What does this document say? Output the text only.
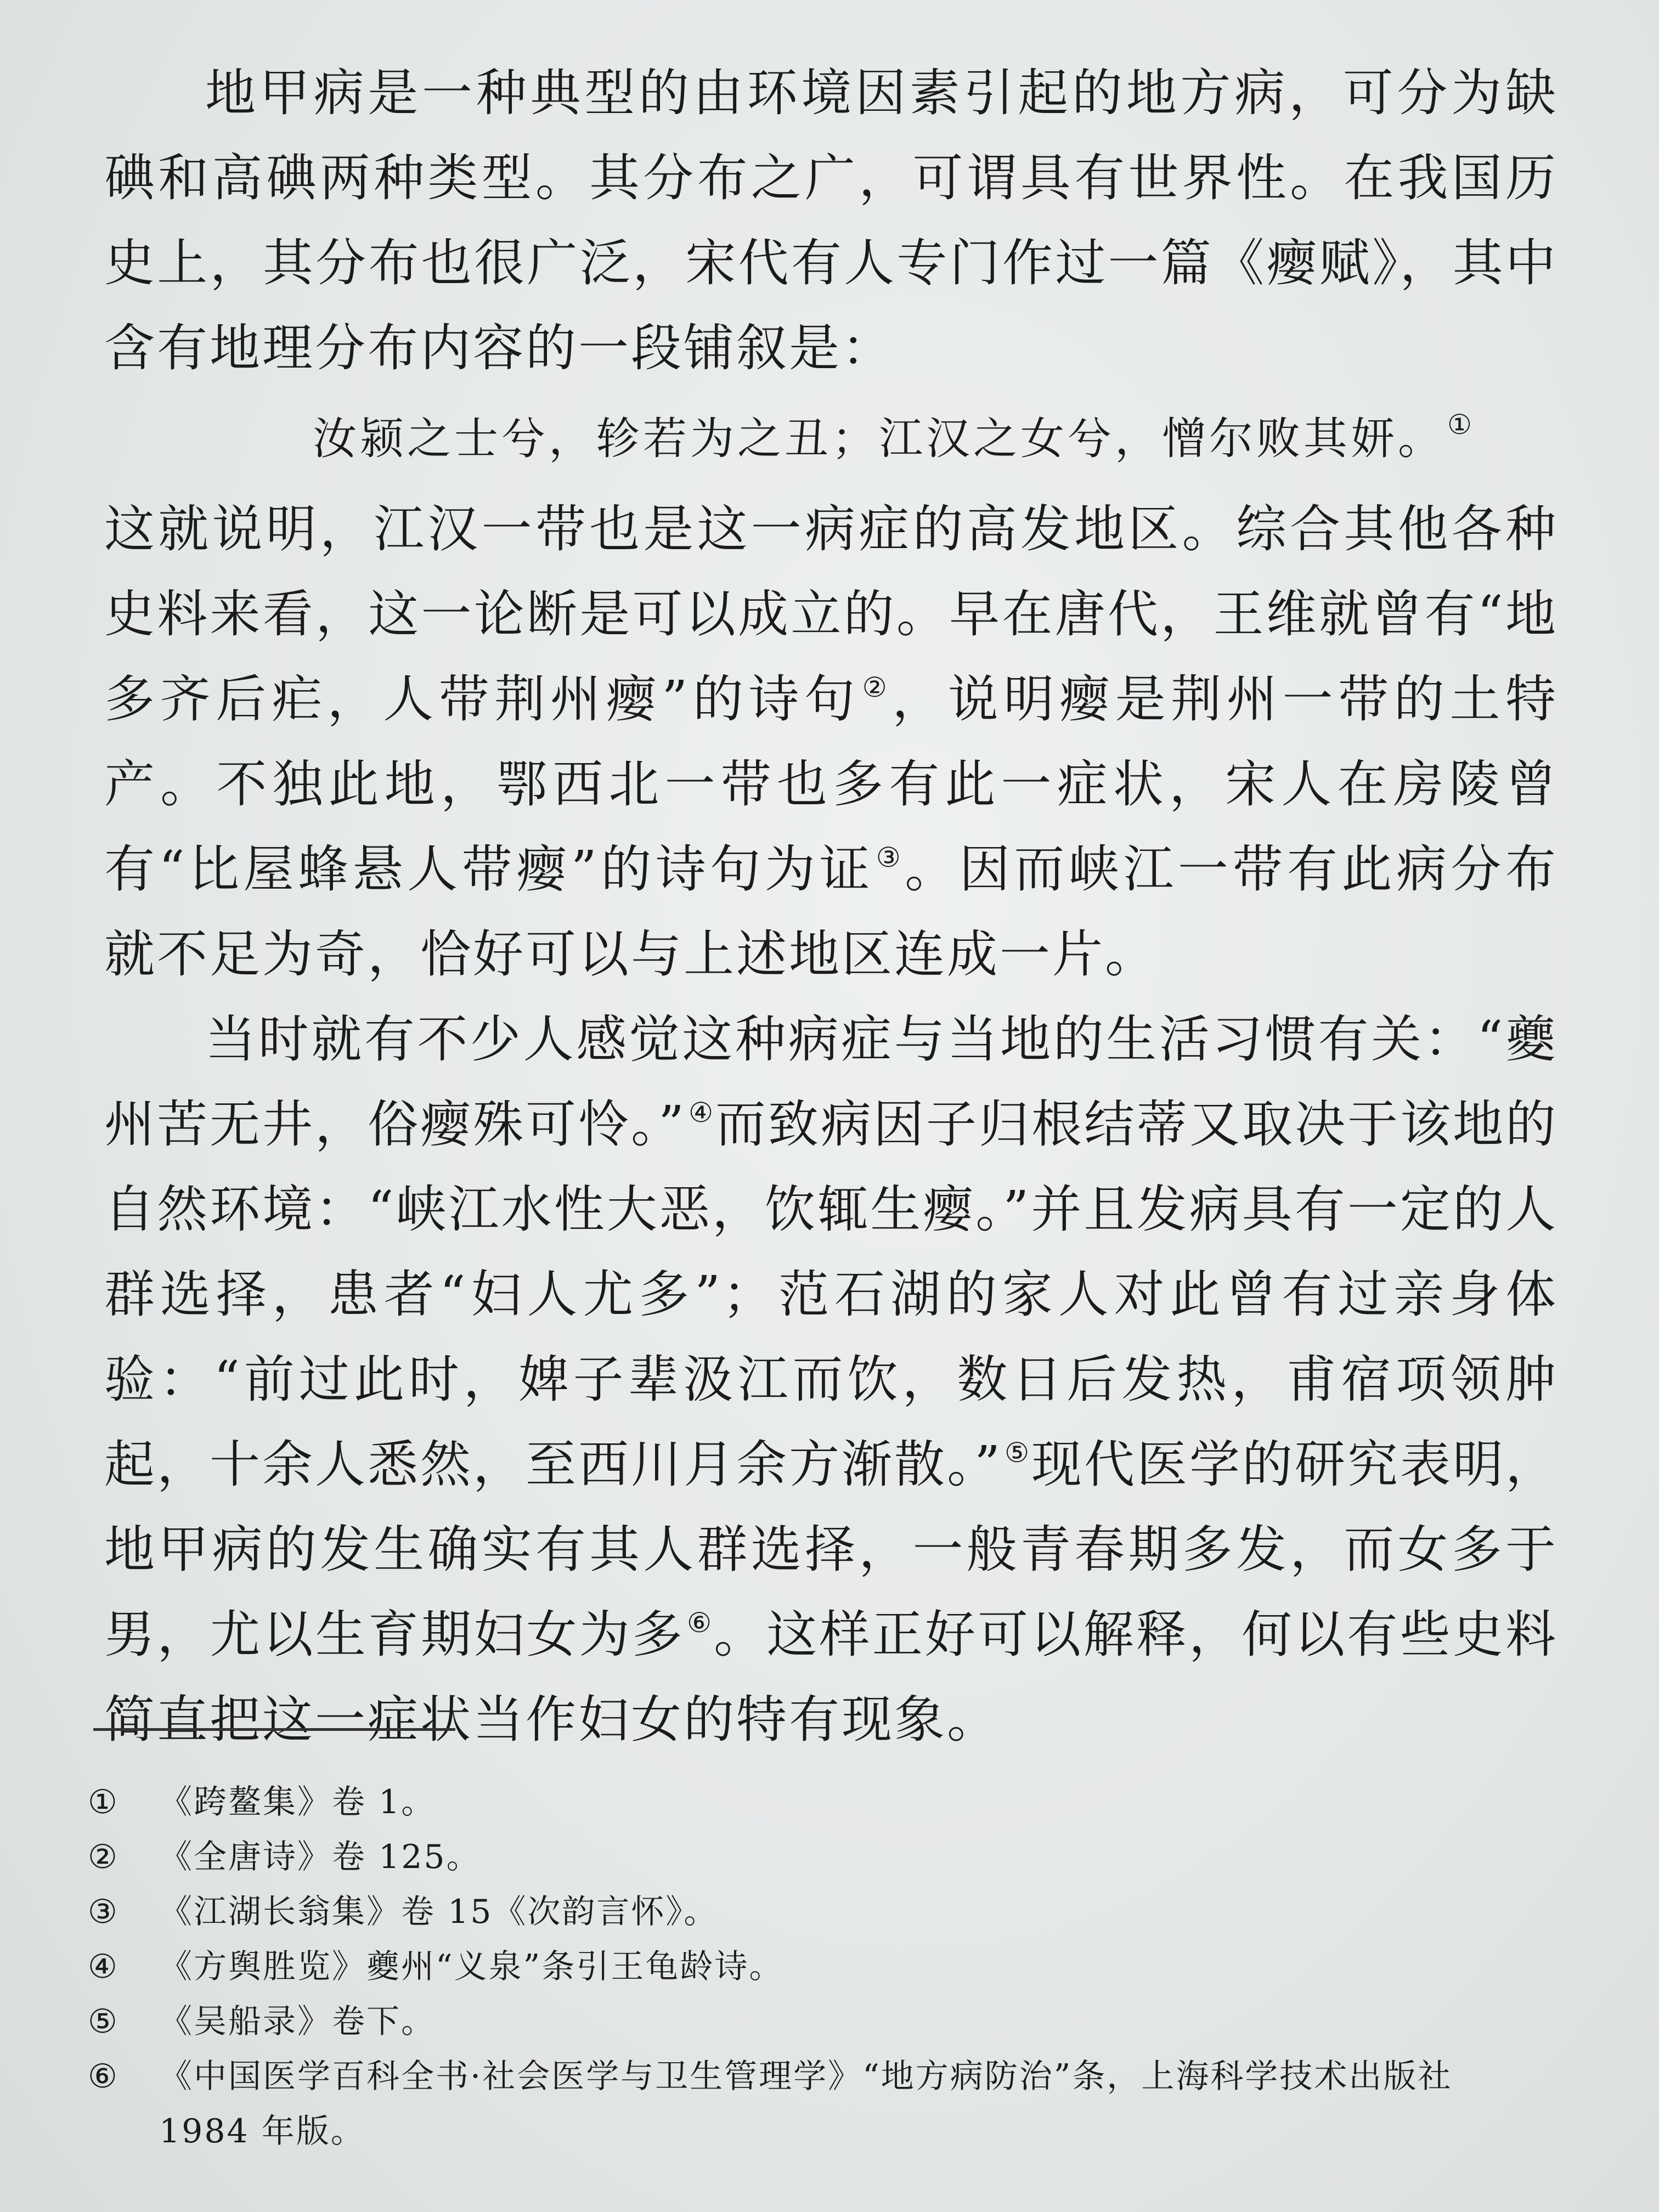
地甲病是一种典型的由环境因素引起的地方病，可分为缺碘和高碘两种类型。其分布之广，可谓具有世界性。在我国历史上，其分布也很广泛，宋代有人专门作过一篇《瘿赋》，其中含有地理分布内容的一段铺叙是：

汝颍之士兮，轸若为之丑；江汉之女兮，憎尔败其妍。①

这就说明，江汉一带也是这一病症的高发地区。综合其他各种史料来看，这一论断是可以成立的。早在唐代，王维就曾有“地多齐后疟，人带荆州瘿”的诗句②，说明瘿是荆州一带的土特产。不独此地，鄂西北一带也多有此一症状，宋人在房陵曾有“比屋蜂悬人带瘿”的诗句为证③。因而峡江一带有此病分布就不足为奇，恰好可以与上述地区连成一片。

当时就有不少人感觉这种病症与当地的生活习惯有关：“夔州苦无井，俗瘿殊可怜。”④而致病因子归根结蒂又取决于该地的自然环境：“峡江水性大恶，饮辄生瘿。”并且发病具有一定的人群选择，患者“妇人尤多”；范石湖的家人对此曾有过亲身体验：“前过此时，婢子辈汲江而饮，数日后发热，甫宿项领肿起，十余人悉然，至西川月余方渐散。”⑤现代医学的研究表明，地甲病的发生确实有其人群选择，一般青春期多发，而女多于男，尤以生育期妇女为多⑥。这样正好可以解释，何以有些史料简直把这一症状当作妇女的特有现象。

①	《跨鳌集》卷 1。
②	《全唐诗》卷 125。
③	《江湖长翁集》卷 15《次韵言怀》。
④	《方舆胜览》夔州“义泉”条引王龟龄诗。
⑤	《吴船录》卷下。
⑥	《中国医学百科全书·社会医学与卫生管理学》“地方病防治”条，上海科学技术出版社
1984 年版。
